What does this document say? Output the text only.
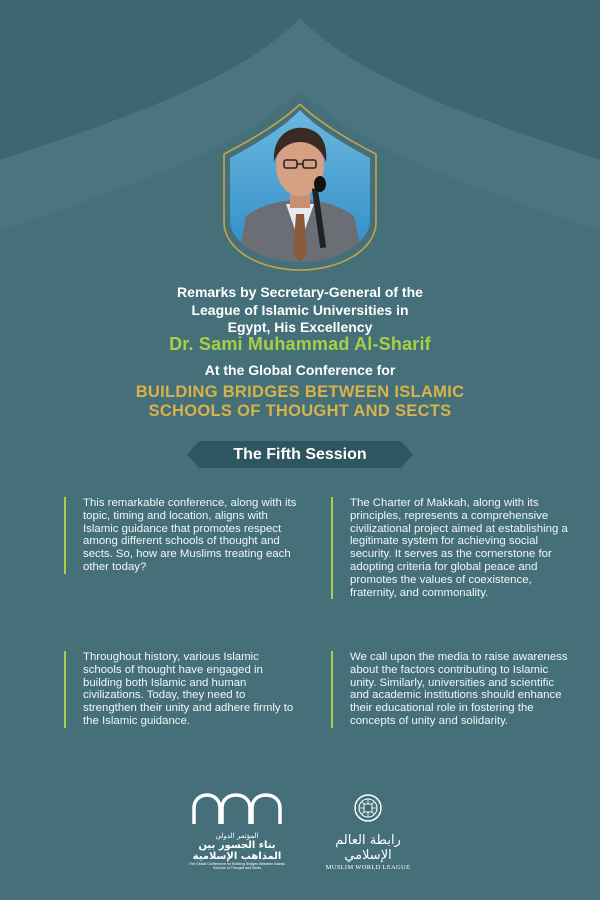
Remarks by Secretary-General of the
League of Islamic Universities in
Egypt, His Excellency
Dr. Sami Muhammad Al-Sharif
At the Global Conference for
BUILDING BRIDGES BETWEEN ISLAMIC
SCHOOLS OF THOUGHT AND SECTS
The Fifth Session
This remarkable conference, along with its topic, timing and location, aligns with Islamic guidance that promotes respect among different schools of thought and sects. So, how are Muslims treating each other today?
The Charter of Makkah, along with its principles, represents a comprehensive civilizational project aimed at establishing a legitimate system for achieving social security. It serves as the cornerstone for adopting criteria for global peace and promotes the values of coexistence, fraternity, and commonality.
Throughout history, various Islamic schools of thought have engaged in building both Islamic and human civilizations. Today, they need to strengthen their unity and adhere firmly to the Islamic guidance.
We call upon the media to raise awareness about the factors contributing to Islamic unity. Similarly, universities and scientific and academic institutions should enhance their educational role in fostering the concepts of unity and solidarity.
المؤتمر الدولي
بناء الجسور بين
المذاهب الإسلامية
The Global Conference for Building Bridges Between Islamic Schools of Thought and Sects
رابطة العالم الإسلامي
MUSLIM WORLD LEAGUE
